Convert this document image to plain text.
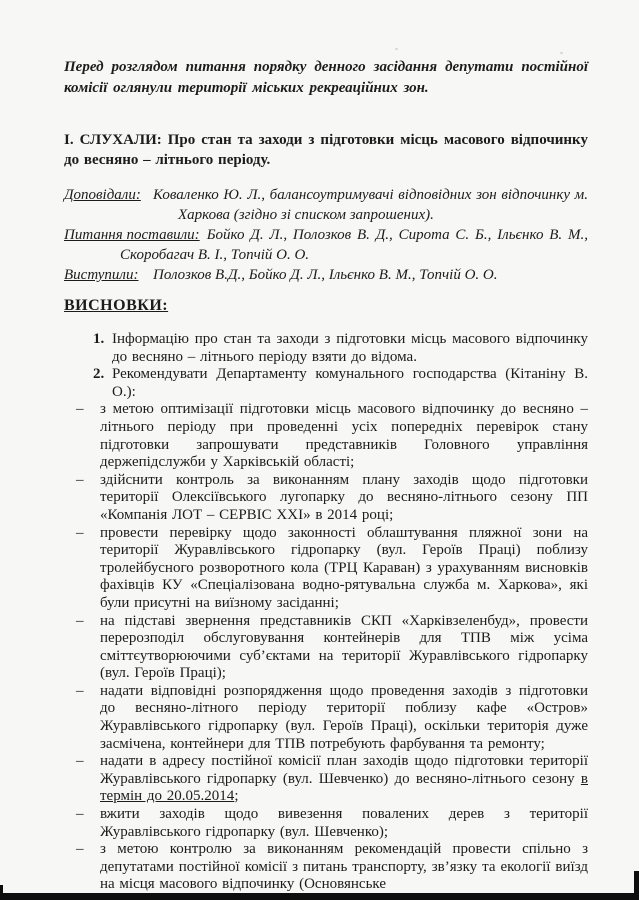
Перед розглядом питання порядку денного засідання депутати постійної комісії оглянули території міських рекреаційних зон.

І. СЛУХАЛИ: Про стан та заходи з підготовки місць масового відпочинку до весняно – літнього періоду.

Доповідали: Коваленко Ю. Л., балансоутримувачі відповідних зон відпочинку м. Харкова (згідно зі списком запрошених).
Питання поставили: Бойко Д. Л., Полозков В. Д., Сирота С. Б., Ільєнко В. М., Скоробагач В. І., Топчій О. О.
Виступили: Полозков В.Д., Бойко Д. Л., Ільєнко В. М., Топчій О. О.

ВИСНОВКИ:

1. Інформацію про стан та заходи з підготовки місць масового відпочинку до весняно – літнього періоду взяти до відома.
2. Рекомендувати Департаменту комунального господарства (Кітаніну В. О.):
– з метою оптимізації підготовки місць масового відпочинку до весняно – літнього періоду при проведенні усіх попередніх перевірок стану підготовки запрошувати представників Головного управління держепідслужби у Харківській області;
– здійснити контроль за виконанням плану заходів щодо підготовки території Олексіївського лугопарку до весняно-літнього сезону ПП «Компанія ЛОТ – СЕРВІС XXI» в 2014 році;
– провести перевірку щодо законності облаштування пляжної зони на території Журавлівського гідропарку (вул. Героїв Праці) поблизу тролейбусного розворотного кола (ТРЦ Караван) з урахуванням висновків фахівців КУ «Спеціалізована водно-рятувальна служба м. Харкова», які були присутні на виїзному засіданні;
– на підставі звернення представників СКП «Харківзеленбуд», провести перерозподіл обслуговування контейнерів для ТПВ між усіма сміттєутворюючими суб’єктами на території Журавлівського гідропарку (вул. Героїв Праці);
– надати відповідні розпорядження щодо проведення заходів з підготовки до весняно-літного періоду території поблизу кафе «Остров» Журавлівського гідропарку (вул. Героїв Праці), оскільки територія дуже засмічена, контейнери для ТПВ потребують фарбування та ремонту;
– надати в адресу постійної комісії план заходів щодо підготовки території Журавлівського гідропарку (вул. Шевченко) до весняно-літнього сезону в термін до 20.05.2014;
– вжити заходів щодо вивезення повалених дерев з території Журавлівського гідропарку (вул. Шевченко);
– з метою контролю за виконанням рекомендацій провести спільно з депутатами постійної комісії з питань транспорту, зв’язку та екології виїзд на місця масового відпочинку (Основянське
